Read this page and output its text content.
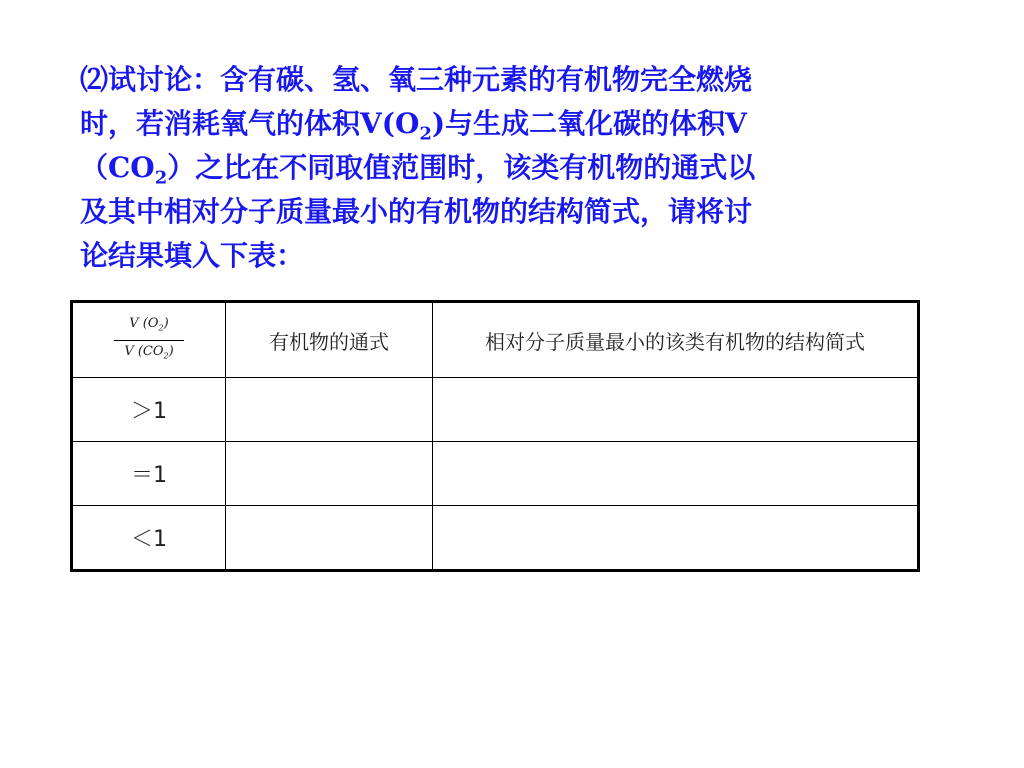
⑵试讨论：含有碳、氢、氧三种元素的有机物完全燃烧
时，若消耗氧气的体积$V(O_2)$与生成二氧化碳的体积V
$(CO_2)$之比在不同取值范围时，该类有机物的通式以
及其中相对分子质量最小的有机物的结构简式，请将讨
论结果填入下表：
$\frac{V (O_2)}{V (CO_2)}$	有机物的通式	相对分子质量最小的该类有机物的结构简式
＞1		
＝1		
＜1		
